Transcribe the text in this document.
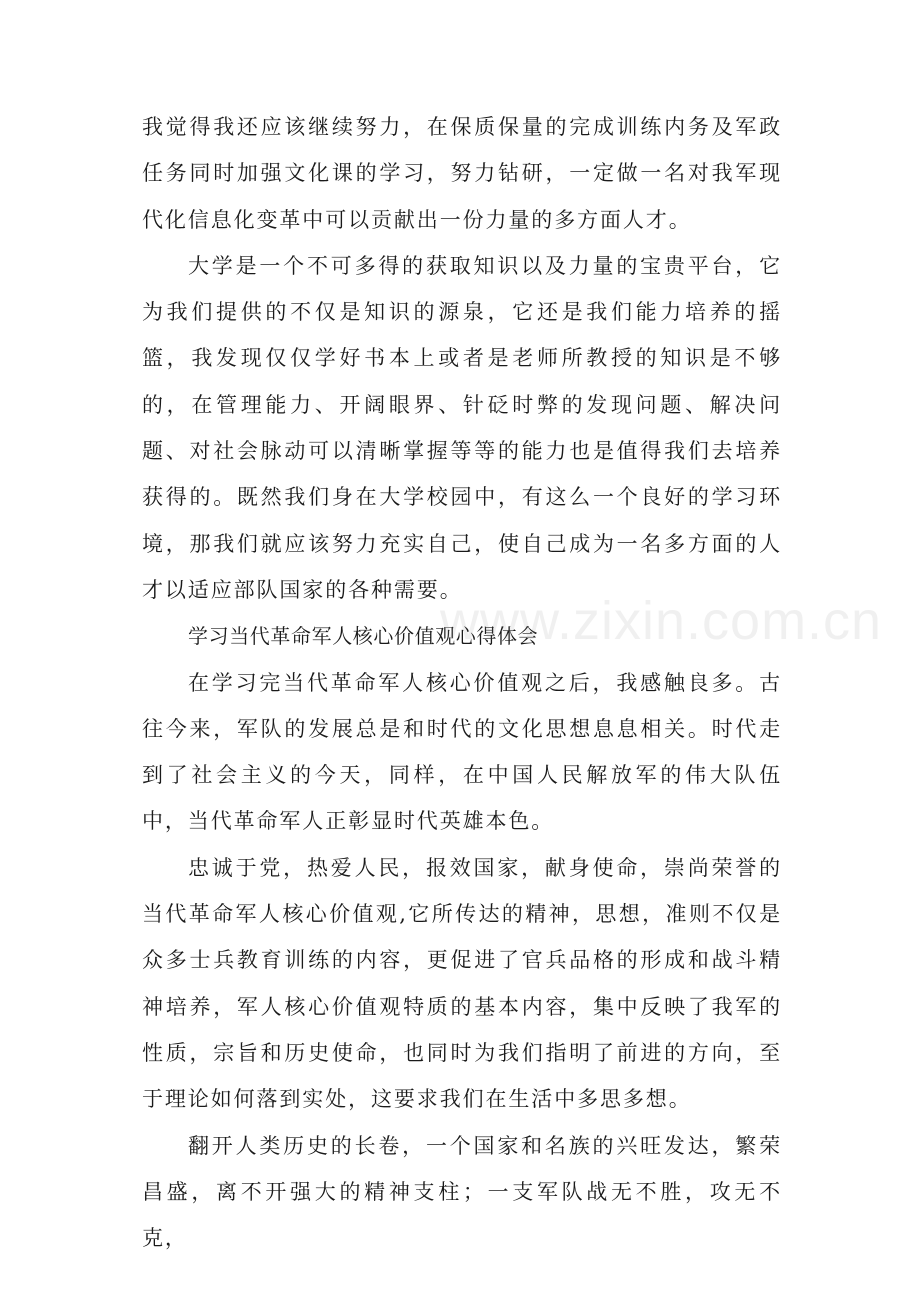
我觉得我还应该继续努力，在保质保量的完成训练内务及军政任务同时加强文化课的学习，努力钻研，一定做一名对我军现代化信息化变革中可以贡献出一份力量的多方面人才。

大学是一个不可多得的获取知识以及力量的宝贵平台，它为我们提供的不仅是知识的源泉，它还是我们能力培养的摇篮，我发现仅仅学好书本上或者是老师所教授的知识是不够的，在管理能力、开阔眼界、针砭时弊的发现问题、解决问题、对社会脉动可以清晰掌握等等的能力也是值得我们去培养获得的。既然我们身在大学校园中，有这么一个良好的学习环境，那我们就应该努力充实自己，使自己成为一名多方面的人才以适应部队国家的各种需要。

学习当代革命军人核心价值观心得体会

在学习完当代革命军人核心价值观之后，我感触良多。古往今来，军队的发展总是和时代的文化思想息息相关。时代走到了社会主义的今天，同样，在中国人民解放军的伟大队伍中，当代革命军人正彰显时代英雄本色。

忠诚于党，热爱人民，报效国家，献身使命，崇尚荣誉的当代革命军人核心价值观,它所传达的精神，思想，准则不仅是众多士兵教育训练的内容，更促进了官兵品格的形成和战斗精神培养，军人核心价值观特质的基本内容，集中反映了我军的性质，宗旨和历史使命，也同时为我们指明了前进的方向，至于理论如何落到实处，这要求我们在生活中多思多想。

翻开人类历史的长卷，一个国家和名族的兴旺发达，繁荣昌盛，离不开强大的精神支柱；一支军队战无不胜，攻无不克，

www.zixin.com.cn
